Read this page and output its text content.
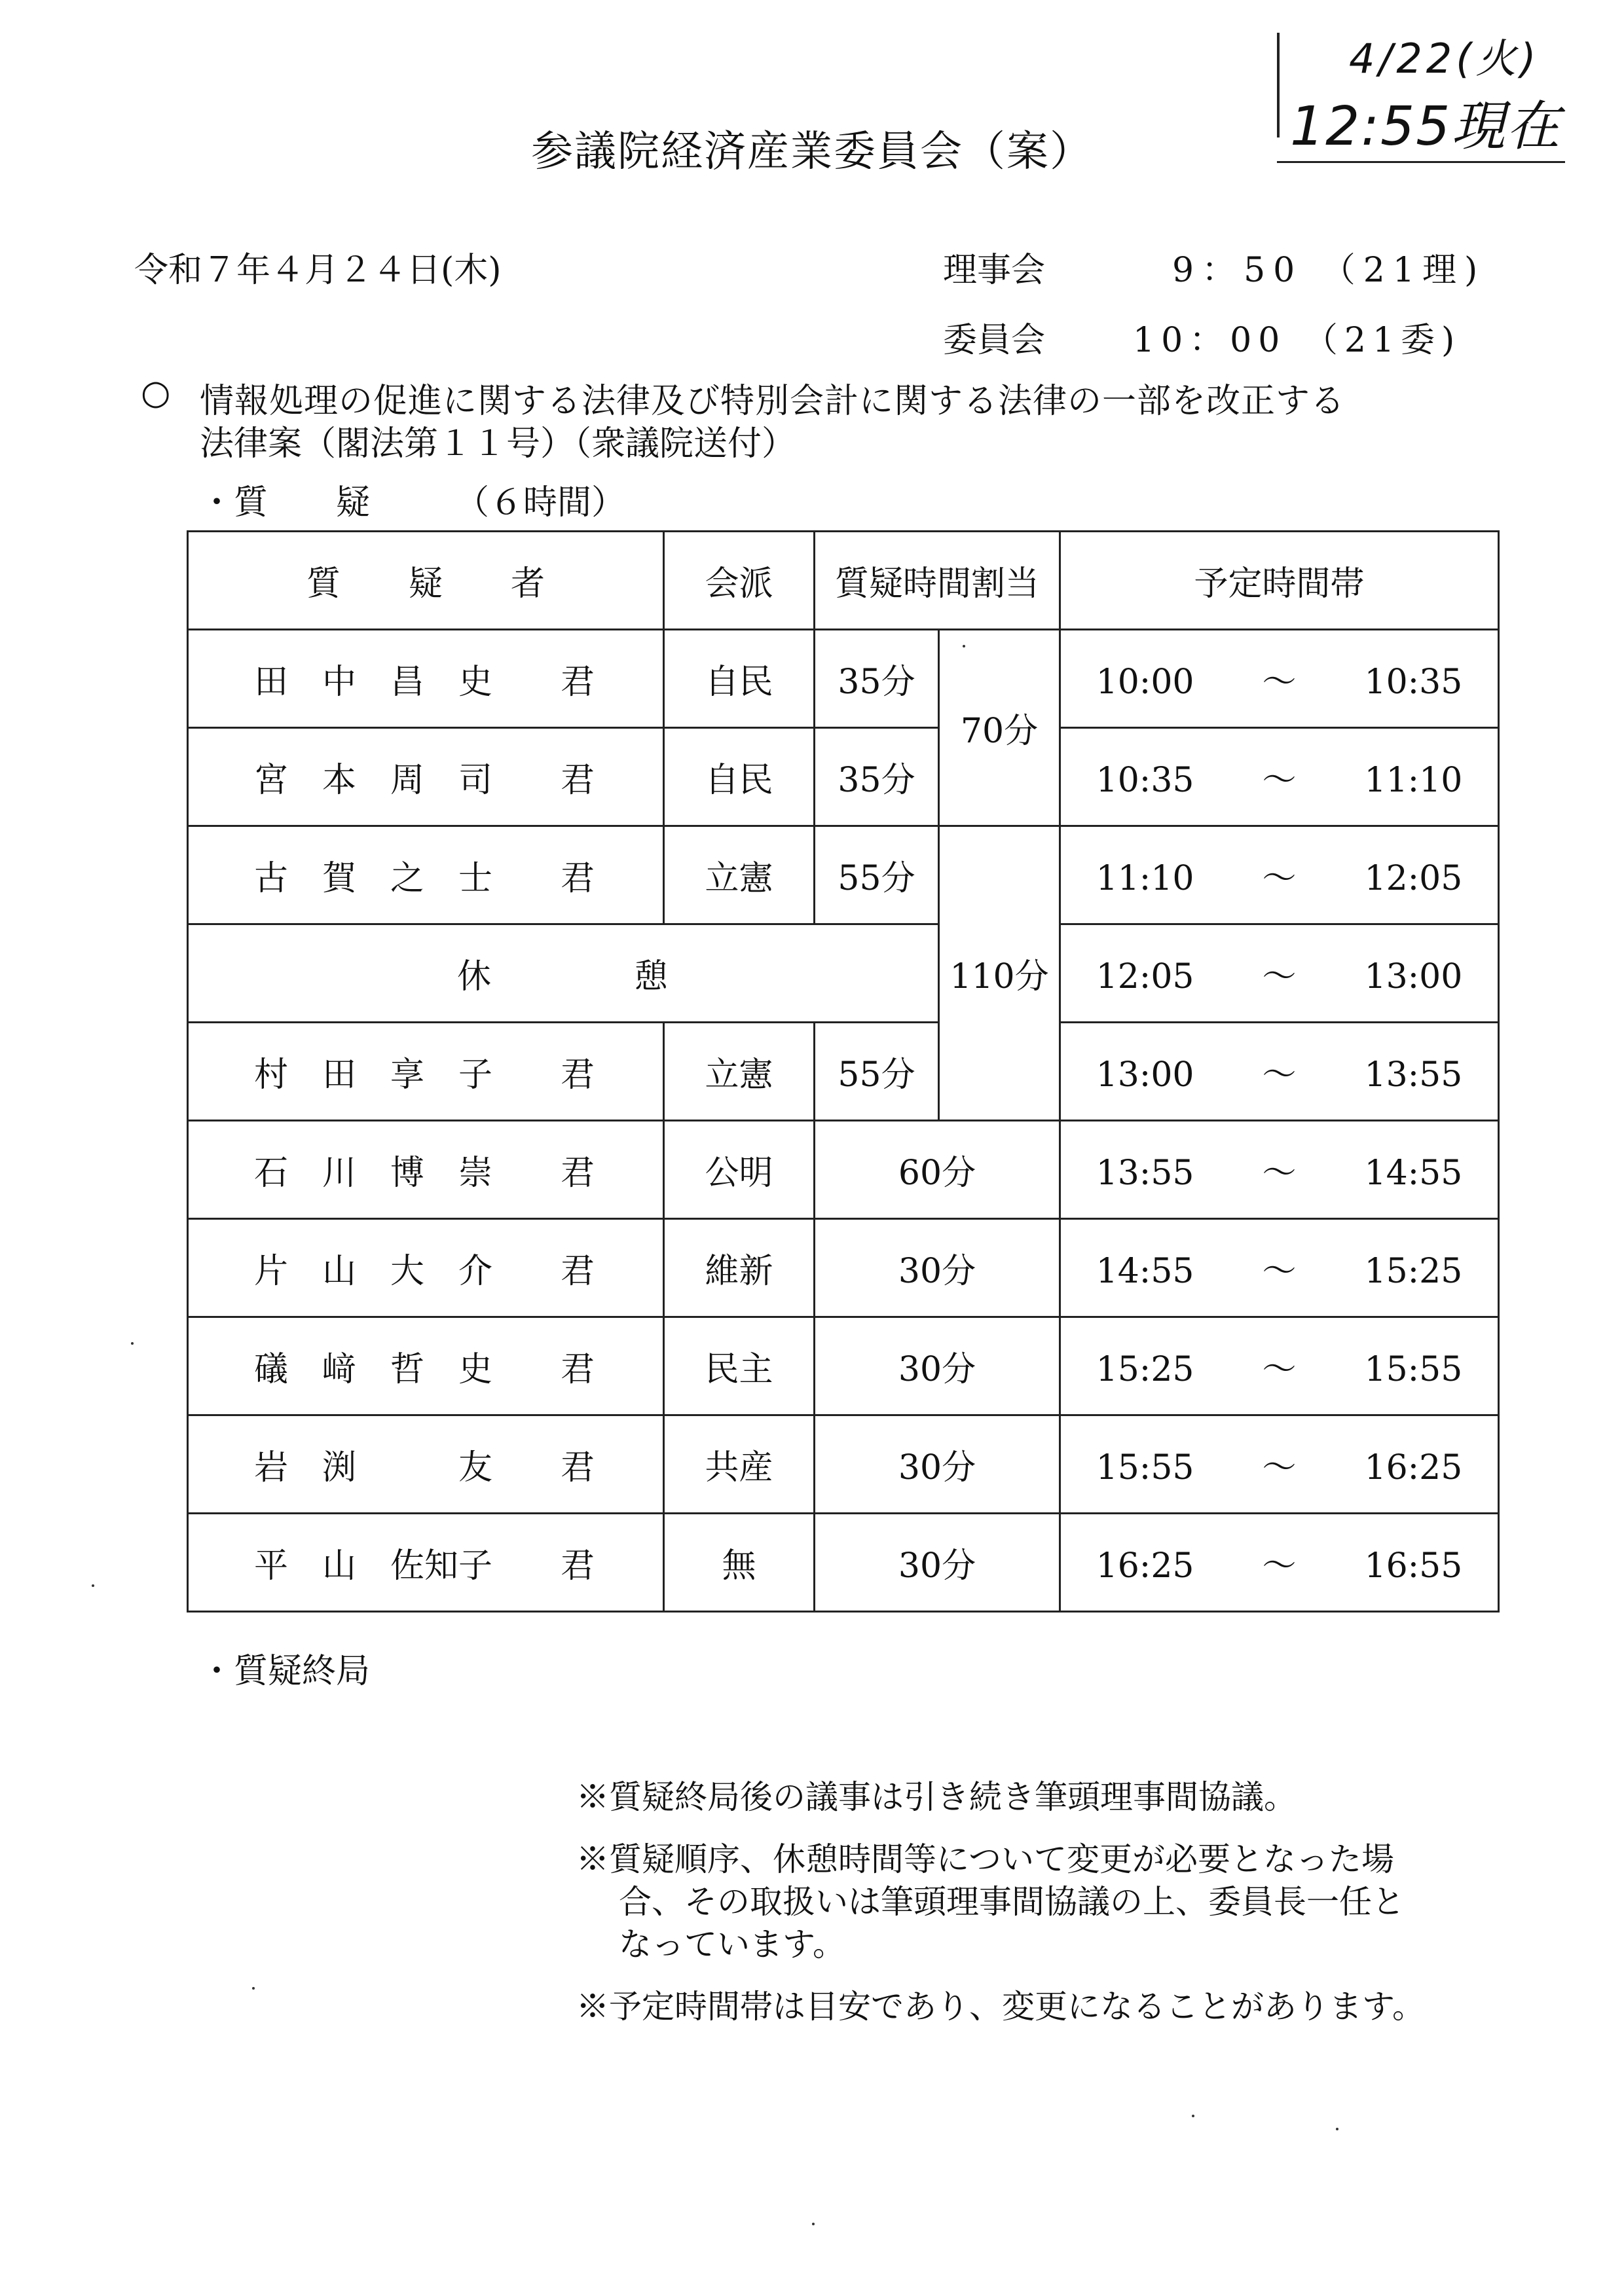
4/22(火)
12:55現在
参議院経済産業委員会（案）
令和７年４月２４日(木)	理事会	9：50 （21理)
委員会	10：00 （21委)
○ 情報処理の促進に関する法律及び特別会計に関する法律の一部を改正する
法律案（閣法第１１号）（衆議院送付）
・質　　疑　　　	（６時間）
質　　疑　　者	会派	質疑時間割当		予定時間帯
田　中　昌　史　　君	自民	35分	70分	10:00　　～　　10:35
宮　本　周　司　　君	自民	35分		10:35　　～　　11:10
古　賀　之　士　　君	立憲	55分	110分	11:10　　～　　12:05
休　　　　憩				12:05　　～　　13:00
村　田　享　子　　君	立憲	55分		13:00　　～　　13:55
石　川　博　崇　　君	公明	60分		13:55　　～　　14:55
片　山　大　介　　君	維新	30分		14:55　　～　　15:25
礒　﨑　哲　史　　君	民主	30分		15:25　　～　　15:55
岩　渕　　　友　　君	共産	30分		15:55　　～　　16:25
平　山　佐知子　　君	無	30分		16:25　　～　　16:55
・質疑終局
※質疑終局後の議事は引き続き筆頭理事間協議。
※質疑順序、休憩時間等について変更が必要となった場
合、その取扱いは筆頭理事間協議の上、委員長一任と
なっています。
※予定時間帯は目安であり、変更になることがあります。
